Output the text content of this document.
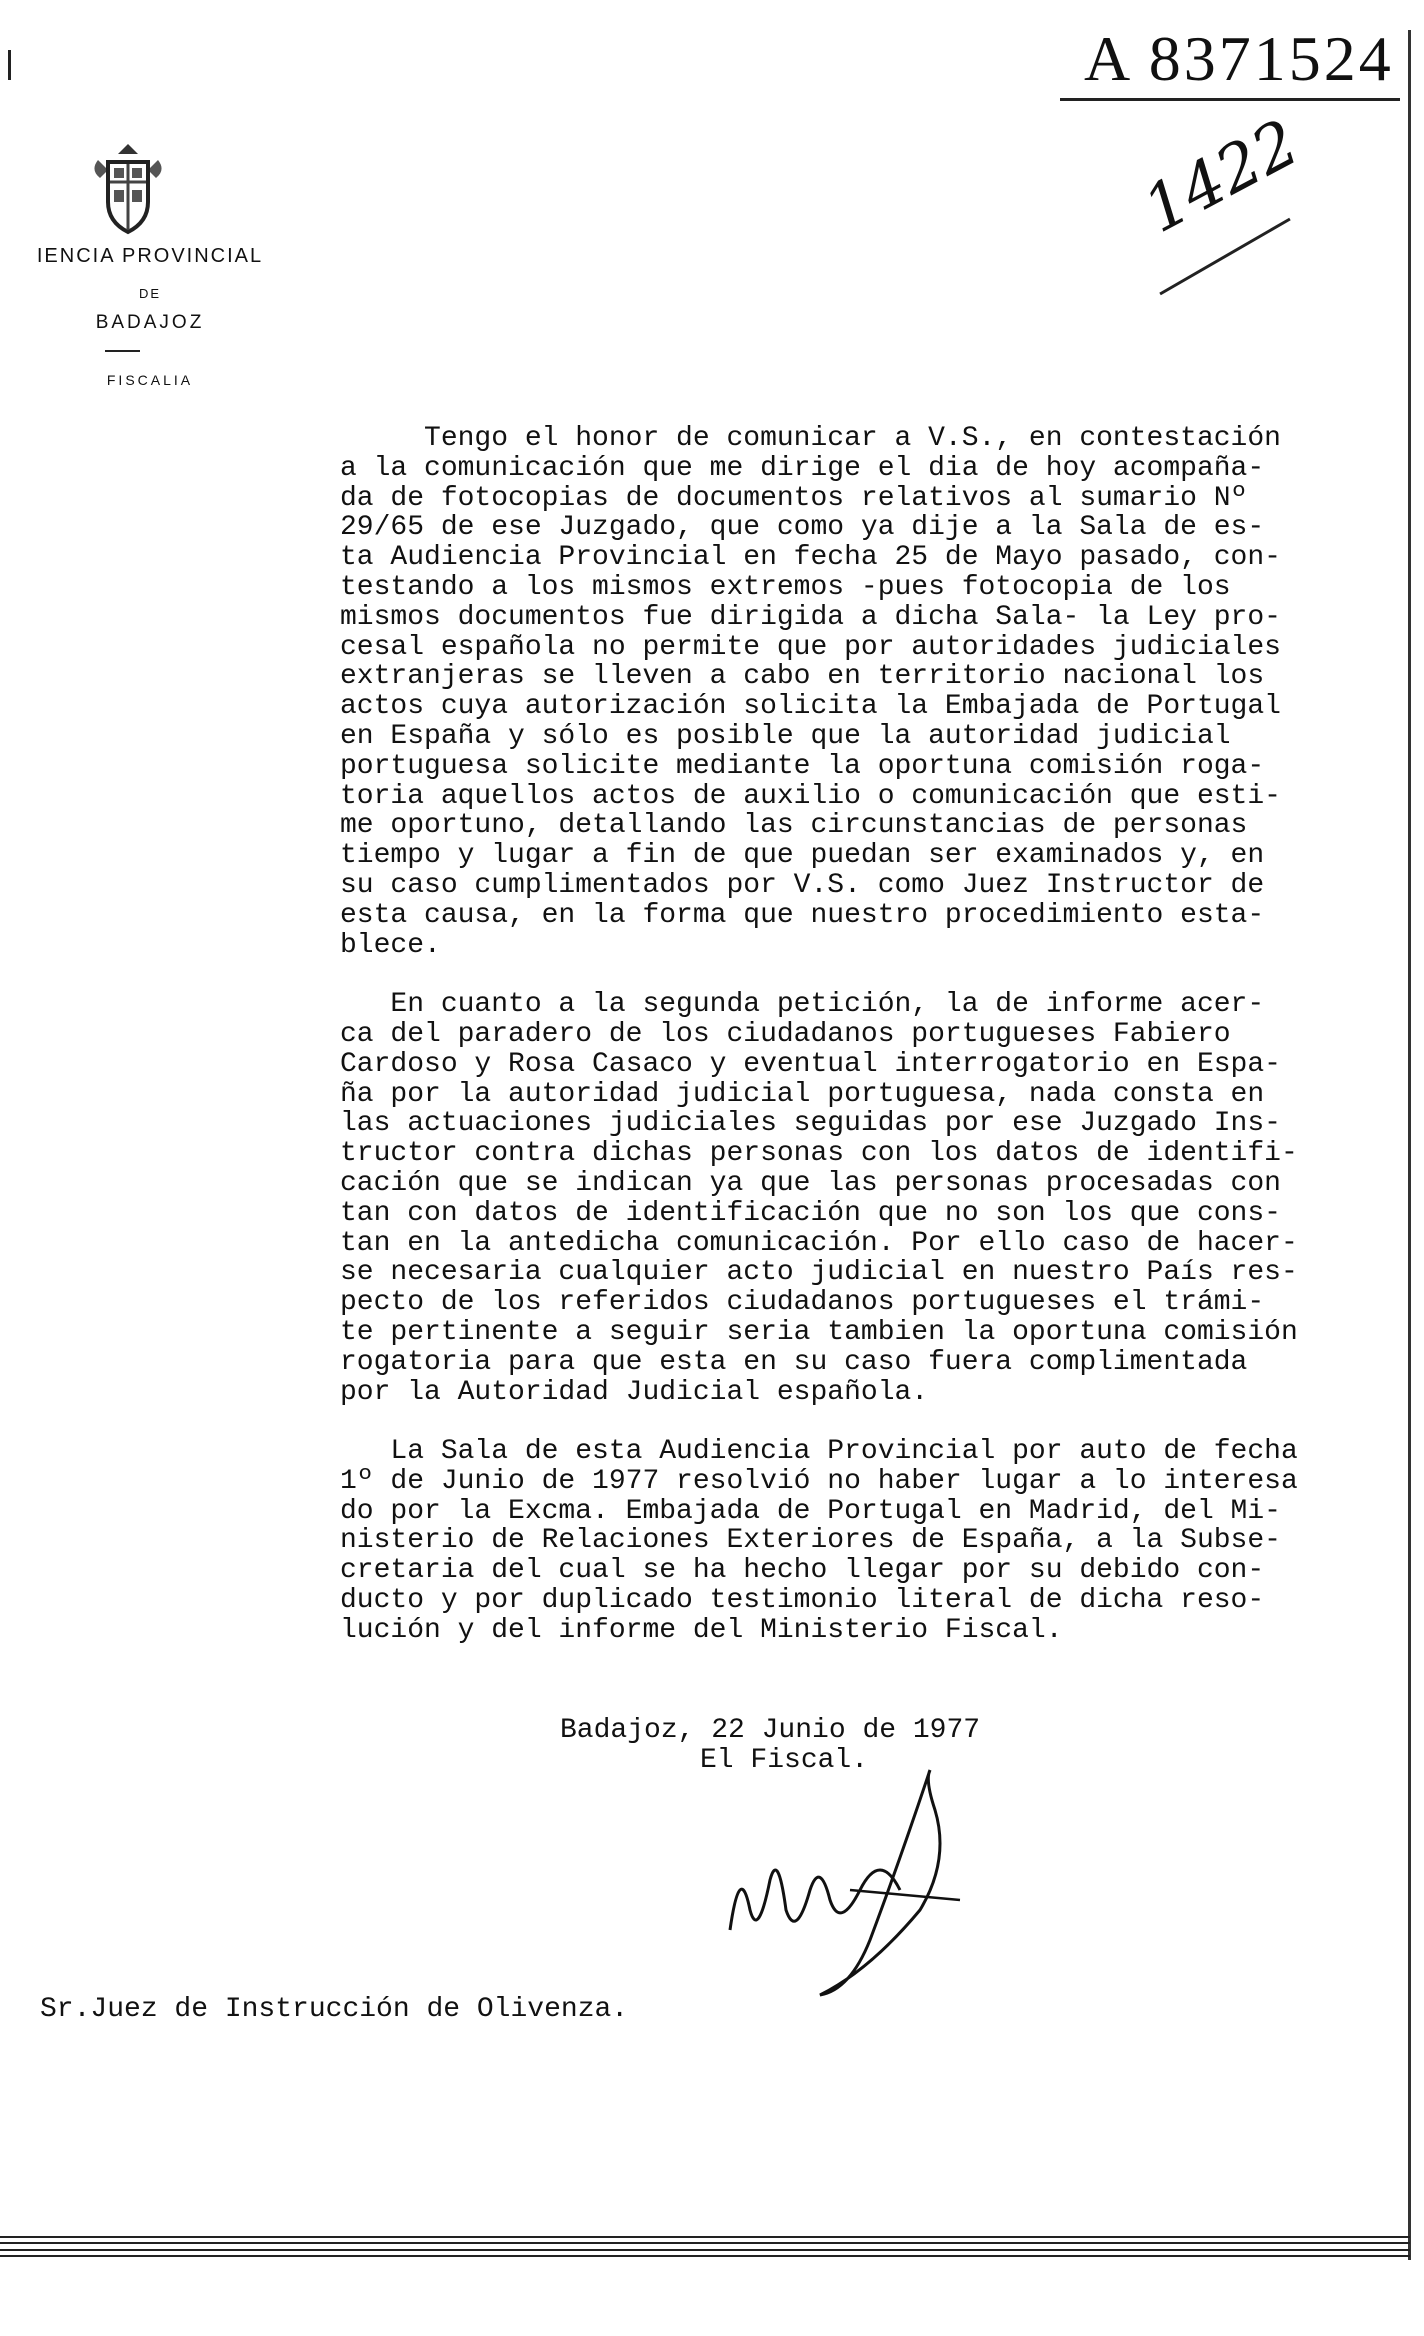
A 8371524
1422
IENCIA PROVINCIAL
DE
BADAJOZ
FISCALIA
Tengo el honor de comunicar a V.S., en contestación
a la comunicación que me dirige el dia de hoy acompaña-
da de fotocopias de documentos relativos al sumario Nº
29/65 de ese Juzgado, que como ya dije a la Sala de es-
ta Audiencia Provincial en fecha 25 de Mayo pasado, con-
testando a los mismos extremos -pues fotocopia de los
mismos documentos fue dirigida a dicha Sala- la Ley pro-
cesal española no permite que por autoridades judiciales
extranjeras se lleven a cabo en territorio nacional los
actos cuya autorización solicita la Embajada de Portugal
en España y sólo es posible que la autoridad judicial
portuguesa solicite mediante la oportuna comisión roga-
toria aquellos actos de auxilio o comunicación que esti-
me oportuno, detallando las circunstancias de personas
tiempo y lugar a fin de que puedan ser examinados y, en
su caso cumplimentados por V.S. como Juez Instructor de
esta causa, en la forma que nuestro procedimiento esta-
blece.

En cuanto a la segunda petición, la de informe acer-
ca del paradero de los ciudadanos portugueses Fabiero
Cardoso y Rosa Casaco y eventual interrogatorio en Espa-
ña por la autoridad judicial portuguesa, nada consta en
las actuaciones judiciales seguidas por ese Juzgado Ins-
tructor contra dichas personas con los datos de identifi-
cación que se indican ya que las personas procesadas con
tan con datos de identificación que no son los que cons-
tan en la antedicha comunicación. Por ello caso de hacer-
se necesaria cualquier acto judicial en nuestro País res-
pecto de los referidos ciudadanos portugueses el trámi-
te pertinente a seguir seria tambien la oportuna comisión
rogatoria para que esta en su caso fuera complimentada
por la Autoridad Judicial española.

La Sala de esta Audiencia Provincial por auto de fecha
1º de Junio de 1977 resolvió no haber lugar a lo interesa
do por la Excma. Embajada de Portugal en Madrid, del Mi-
nisterio de Relaciones Exteriores de España, a la Subse-
cretaria del cual se ha hecho llegar por su debido con-
ducto y por duplicado testimonio literal de dicha reso-
lución y del informe del Ministerio Fiscal.
Badajoz, 22 Junio de 1977
El Fiscal.
Sr.Juez de Instrucción de Olivenza.
